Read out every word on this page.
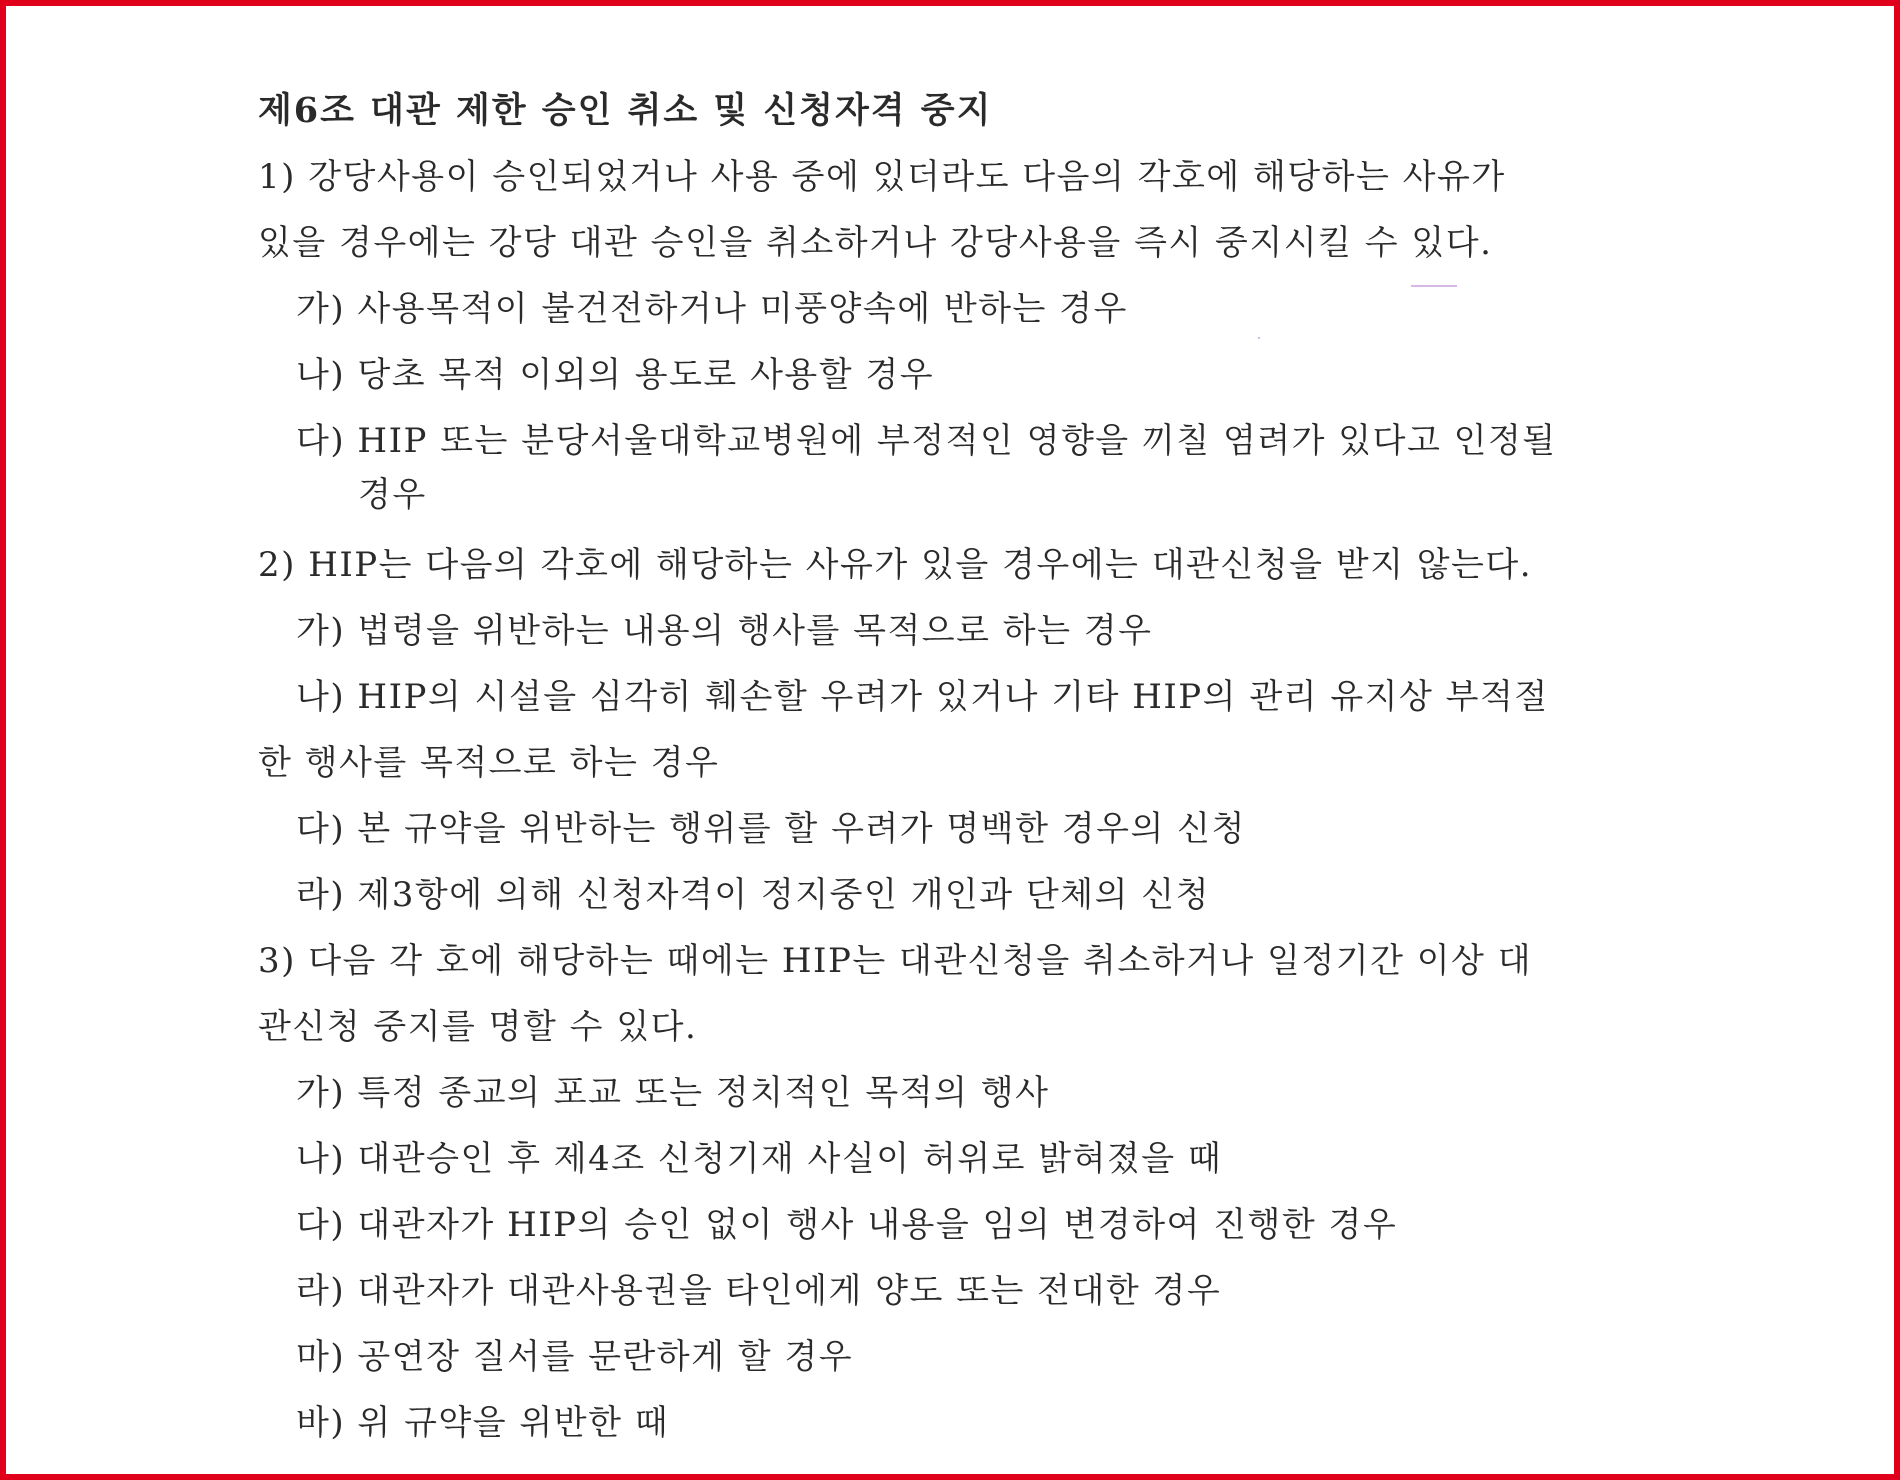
제6조 대관 제한 승인 취소 및 신청자격 중지
1) 강당사용이 승인되었거나 사용 중에 있더라도 다음의 각호에 해당하는 사유가
있을 경우에는 강당 대관 승인을 취소하거나 강당사용을 즉시 중지시킬 수 있다.
가) 사용목적이 불건전하거나 미풍양속에 반하는 경우
나) 당초 목적 이외의 용도로 사용할 경우
다) HIP 또는 분당서울대학교병원에 부정적인 영향을 끼칠 염려가 있다고 인정될
경우
2) HIP는 다음의 각호에 해당하는 사유가 있을 경우에는 대관신청을 받지 않는다.
가) 법령을 위반하는 내용의 행사를 목적으로 하는 경우
나) HIP의 시설을 심각히 훼손할 우려가 있거나 기타 HIP의 관리 유지상 부적절
한 행사를 목적으로 하는 경우
다) 본 규약을 위반하는 행위를 할 우려가 명백한 경우의 신청
라) 제3항에 의해 신청자격이 정지중인 개인과 단체의 신청
3) 다음 각 호에 해당하는 때에는 HIP는 대관신청을 취소하거나 일정기간 이상 대
관신청 중지를 명할 수 있다.
가) 특정 종교의 포교 또는 정치적인 목적의 행사
나) 대관승인 후 제4조 신청기재 사실이 허위로 밝혀졌을 때
다) 대관자가 HIP의 승인 없이 행사 내용을 임의 변경하여 진행한 경우
라) 대관자가 대관사용권을 타인에게 양도 또는 전대한 경우
마) 공연장 질서를 문란하게 할 경우
바) 위 규약을 위반한 때
